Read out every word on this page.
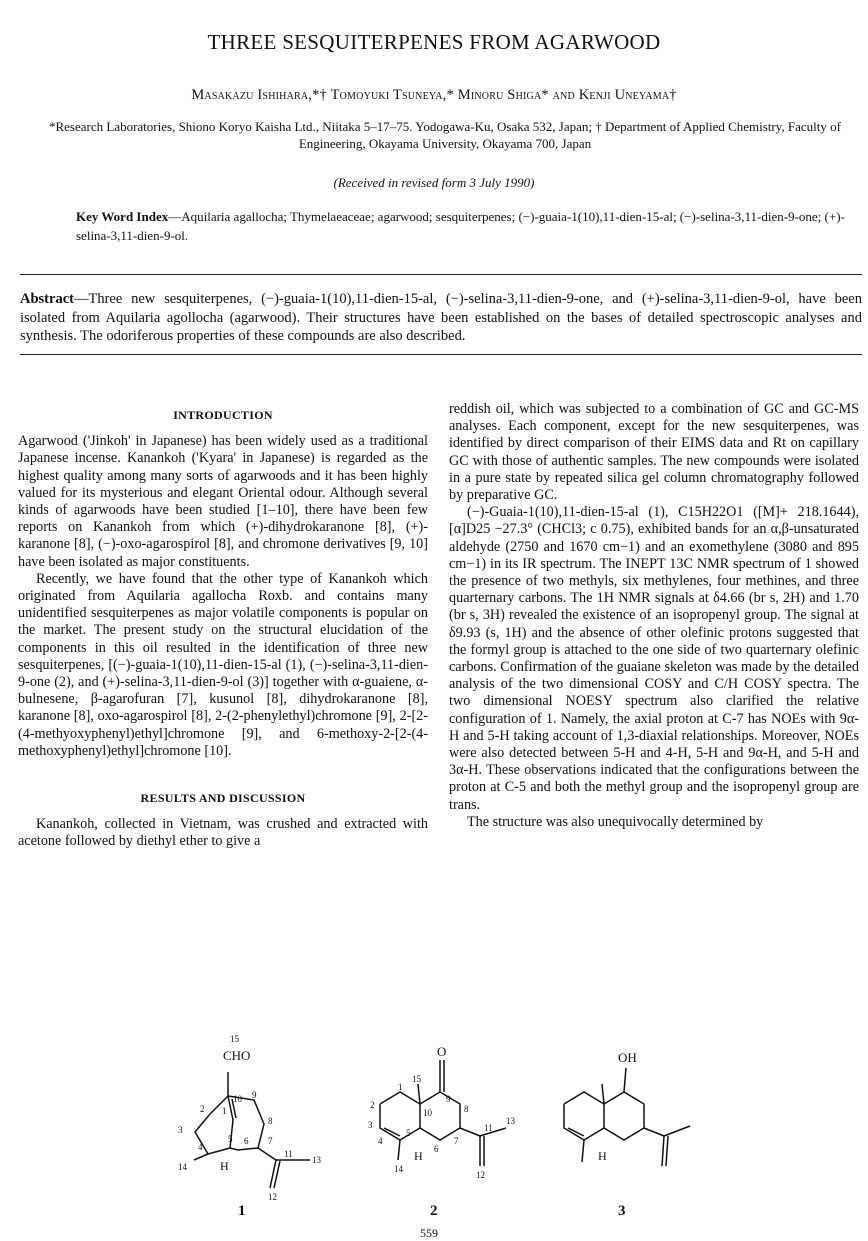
THREE SESQUITERPENES FROM AGARWOOD
Masakazu Ishihara,*† Tomoyuki Tsuneya,* Minoru Shiga* and Kenji Uneyama†
*Research Laboratories, Shiono Koryo Kaisha Ltd., Niitaka 5–17–75. Yodogawa-Ku, Osaka 532, Japan; † Department of Applied Chemistry, Faculty of Engineering, Okayama University, Okayama 700, Japan
(Received in revised form 3 July 1990)
Key Word Index—Aquilaria agallocha; Thymelaeaceae; agarwood; sesquiterpenes; (−)-guaia-1(10),11-dien-15-al; (−)-selina-3,11-dien-9-one; (+)-selina-3,11-dien-9-ol.
Abstract—Three new sesquiterpenes, (−)-guaia-1(10),11-dien-15-al, (−)-selina-3,11-dien-9-one, and (+)-selina-3,11-dien-9-ol, have been isolated from Aquilaria agollocha (agarwood). Their structures have been established on the bases of detailed spectroscopic analyses and synthesis. The odoriferous properties of these compounds are also described.
INTRODUCTION

Agarwood ('Jinkoh' in Japanese) has been widely used as a traditional Japanese incense. Kanankoh ('Kyara' in Japanese) is regarded as the highest quality among many sorts of agarwoods and it has been highly valued for its mysterious and elegant Oriental odour. Although several kinds of agarwoods have been studied [1–10], there have been few reports on Kanankoh from which (+)-dihydrokaranone [8], (+)-karanone [8], (−)-oxo-agarospirol [8], and chromone derivatives [9, 10] have been isolated as major constituents.

Recently, we have found that the other type of Kanankoh which originated from Aquilaria agallocha Roxb. and contains many unidentified sesquiterpenes as major volatile components is popular on the market. The present study on the structural elucidation of the components in this oil resulted in the identification of three new sesquiterpenes, [(−)-guaia-1(10),11-dien-15-al (1), (−)-selina-3,11-dien-9-one (2), and (+)-selina-3,11-dien-9-ol (3)] together with α-guaiene, α-bulnesene, β-agarofuran [7], kusunol [8], dihydrokaranone [8], karanone [8], oxo-agarospirol [8], 2-(2-phenylethyl)chromone [9], 2-[2-(4-methyoxyphenyl)ethyl]chromone [9], and 6-methoxy-2-[2-(4-methoxyphenyl)ethyl]chromone [10].

RESULTS AND DISCUSSION

Kanankoh, collected in Vietnam, was crushed and extracted with acetone followed by diethyl ether to give a

reddish oil, which was subjected to a combination of GC and GC-MS analyses. Each component, except for the new sesquiterpenes, was identified by direct comparison of their EIMS data and Rt on capillary GC with those of authentic samples. The new compounds were isolated in a pure state by repeated silica gel column chromatography followed by preparative GC.

(−)-Guaia-1(10),11-dien-15-al (1), C15H22O1 ([M]+ 218.1644), [α]D25 −27.3° (CHCl3; c 0.75), exhibited bands for an α,β-unsaturated aldehyde (2750 and 1670 cm−1) and an exomethylene (3080 and 895 cm−1) in its IR spectrum. The INEPT 13C NMR spectrum of 1 showed the presence of two methyls, six methylenes, four methines, and three quarternary carbons. The 1H NMR signals at δ4.66 (br s, 2H) and 1.70 (br s, 3H) revealed the existence of an isopropenyl group. The signal at δ9.93 (s, 1H) and the absence of other olefinic protons suggested that the formyl group is attached to the one side of two quarternary olefinic carbons. Confirmation of the guaiane skeleton was made by the detailed analysis of the two dimensional COSY and C/H COSY spectra. The two dimensional NOESY spectrum also clarified the relative configuration of 1. Namely, the axial proton at C-7 has NOEs with 9α-H and 5-H taking account of 1,3-diaxial relationships. Moreover, NOEs were also detected between 5-H and 4-H, 5-H and 9α-H, and 5-H and 3α-H. These observations indicated that the configurations between the proton at C-5 and both the methyl group and the isopropenyl group are trans.

The structure was also unequivocally determined by

15
CHO
10 9
1
2
3
4
5 6 7
8
11
13
14	H
12
1
O
1
15
9
2
10	8
3
5
7
11
13
4
6
14
H
12
2
OH
H
3
559
